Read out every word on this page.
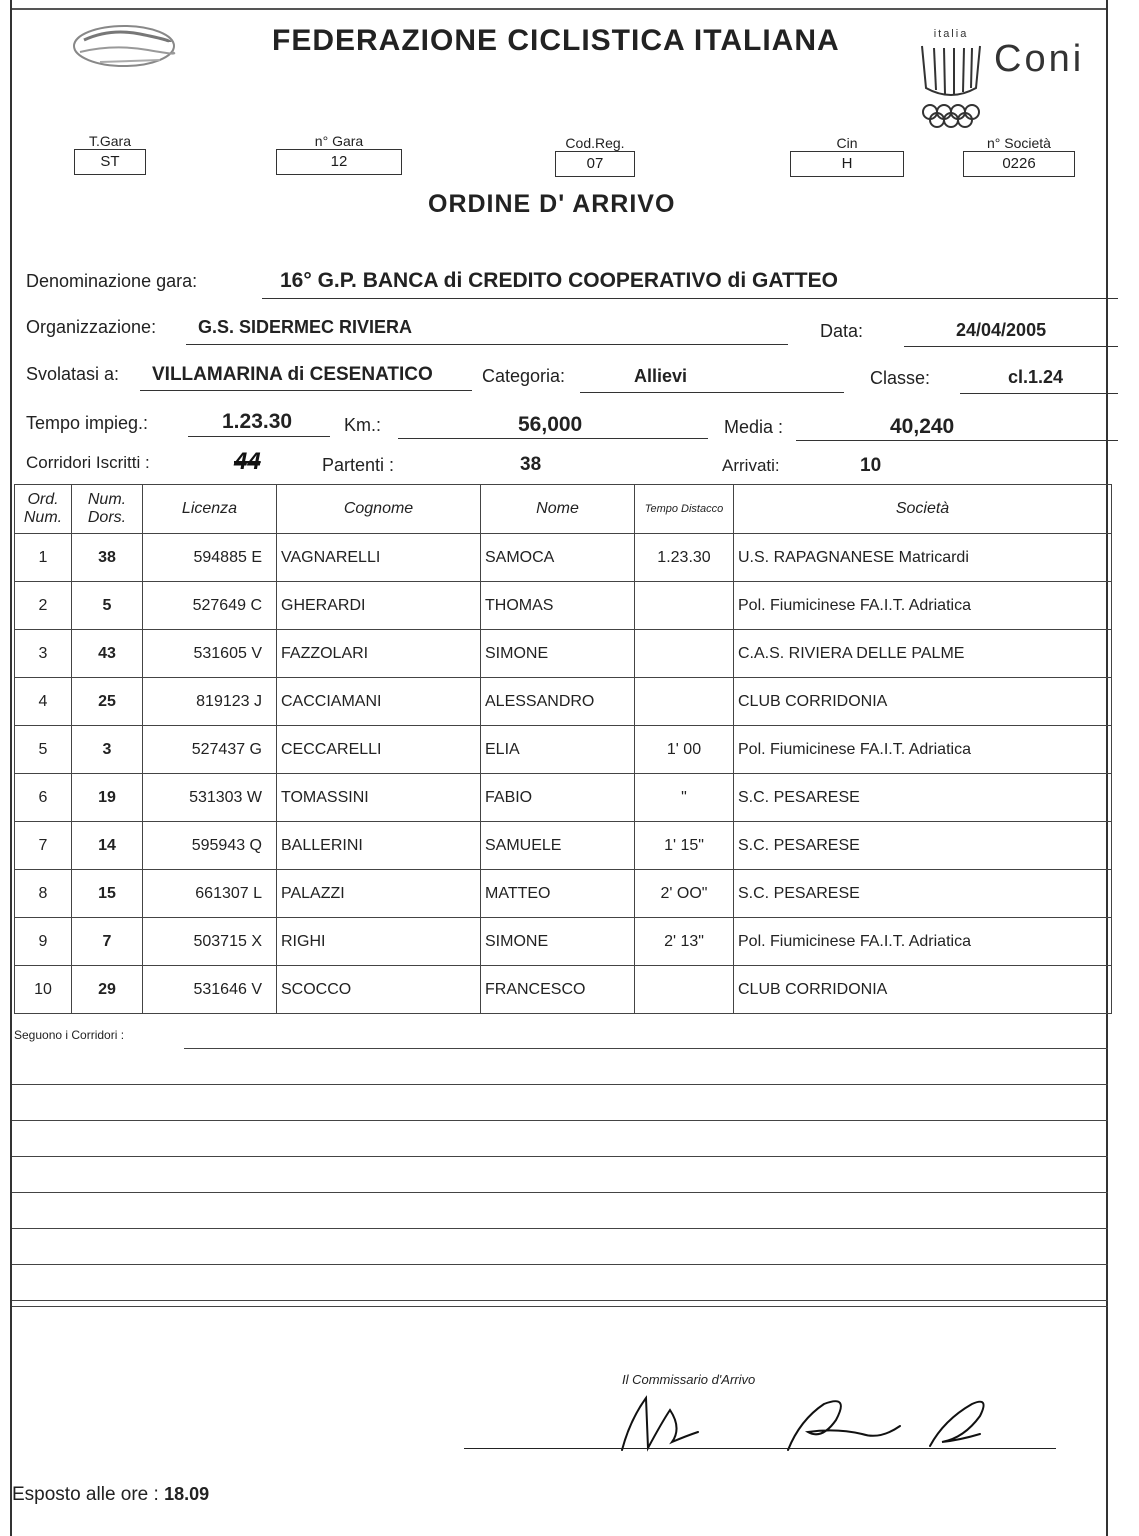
FEDERAZIONE CICLISTICA ITALIANA	italia
Coni
T.Gara
ST
n° Gara
12
Cod.Reg.
07
Cin
H
n° Società
0226
ORDINE D' ARRIVO
Denominazione gara:	16° G.P. BANCA di CREDITO COOPERATIVO di GATTEO
Organizzazione: G.S. SIDERMEC RIVIERA	Data:	24/04/2005
Svolatasi a: VILLAMARINA di CESENATICO	Categoria:	Allievi	Classe:	cl.1.24
Tempo impieg.:	1.23.30	Km.:	56,000	Media :	40,240
Corridori Iscritti :	44	Partenti :	38	Arrivati:	10
Ord. Num.	Num. Dors.	Licenza	Cognome	Nome	Tempo Distacco	Società
1	38	594885 E	VAGNARELLI	SAMOCA	1.23.30	U.S. RAPAGNANESE Matricardi
2	5	527649 C	GHERARDI	THOMAS		Pol. Fiumicinese FA.I.T. Adriatica
3	43	531605 V	FAZZOLARI	SIMONE		C.A.S. RIVIERA DELLE PALME
4	25	819123 J	CACCIAMANI	ALESSANDRO		CLUB CORRIDONIA
5	3	527437 G	CECCARELLI	ELIA	1' 00	Pol. Fiumicinese FA.I.T. Adriatica
6	19	531303 W	TOMASSINI	FABIO	"	S.C. PESARESE
7	14	595943 Q	BALLERINI	SAMUELE	1' 15"	S.C. PESARESE
8	15	661307 L	PALAZZI	MATTEO	2' OO"	S.C. PESARESE
9	7	503715 X	RIGHI	SIMONE	2' 13"	Pol. Fiumicinese FA.I.T. Adriatica
10	29	531646 V	SCOCCO	FRANCESCO		CLUB CORRIDONIA
Seguono i Corridori :
Il Commissario d'Arrivo
Esposto alle ore : 18.09
